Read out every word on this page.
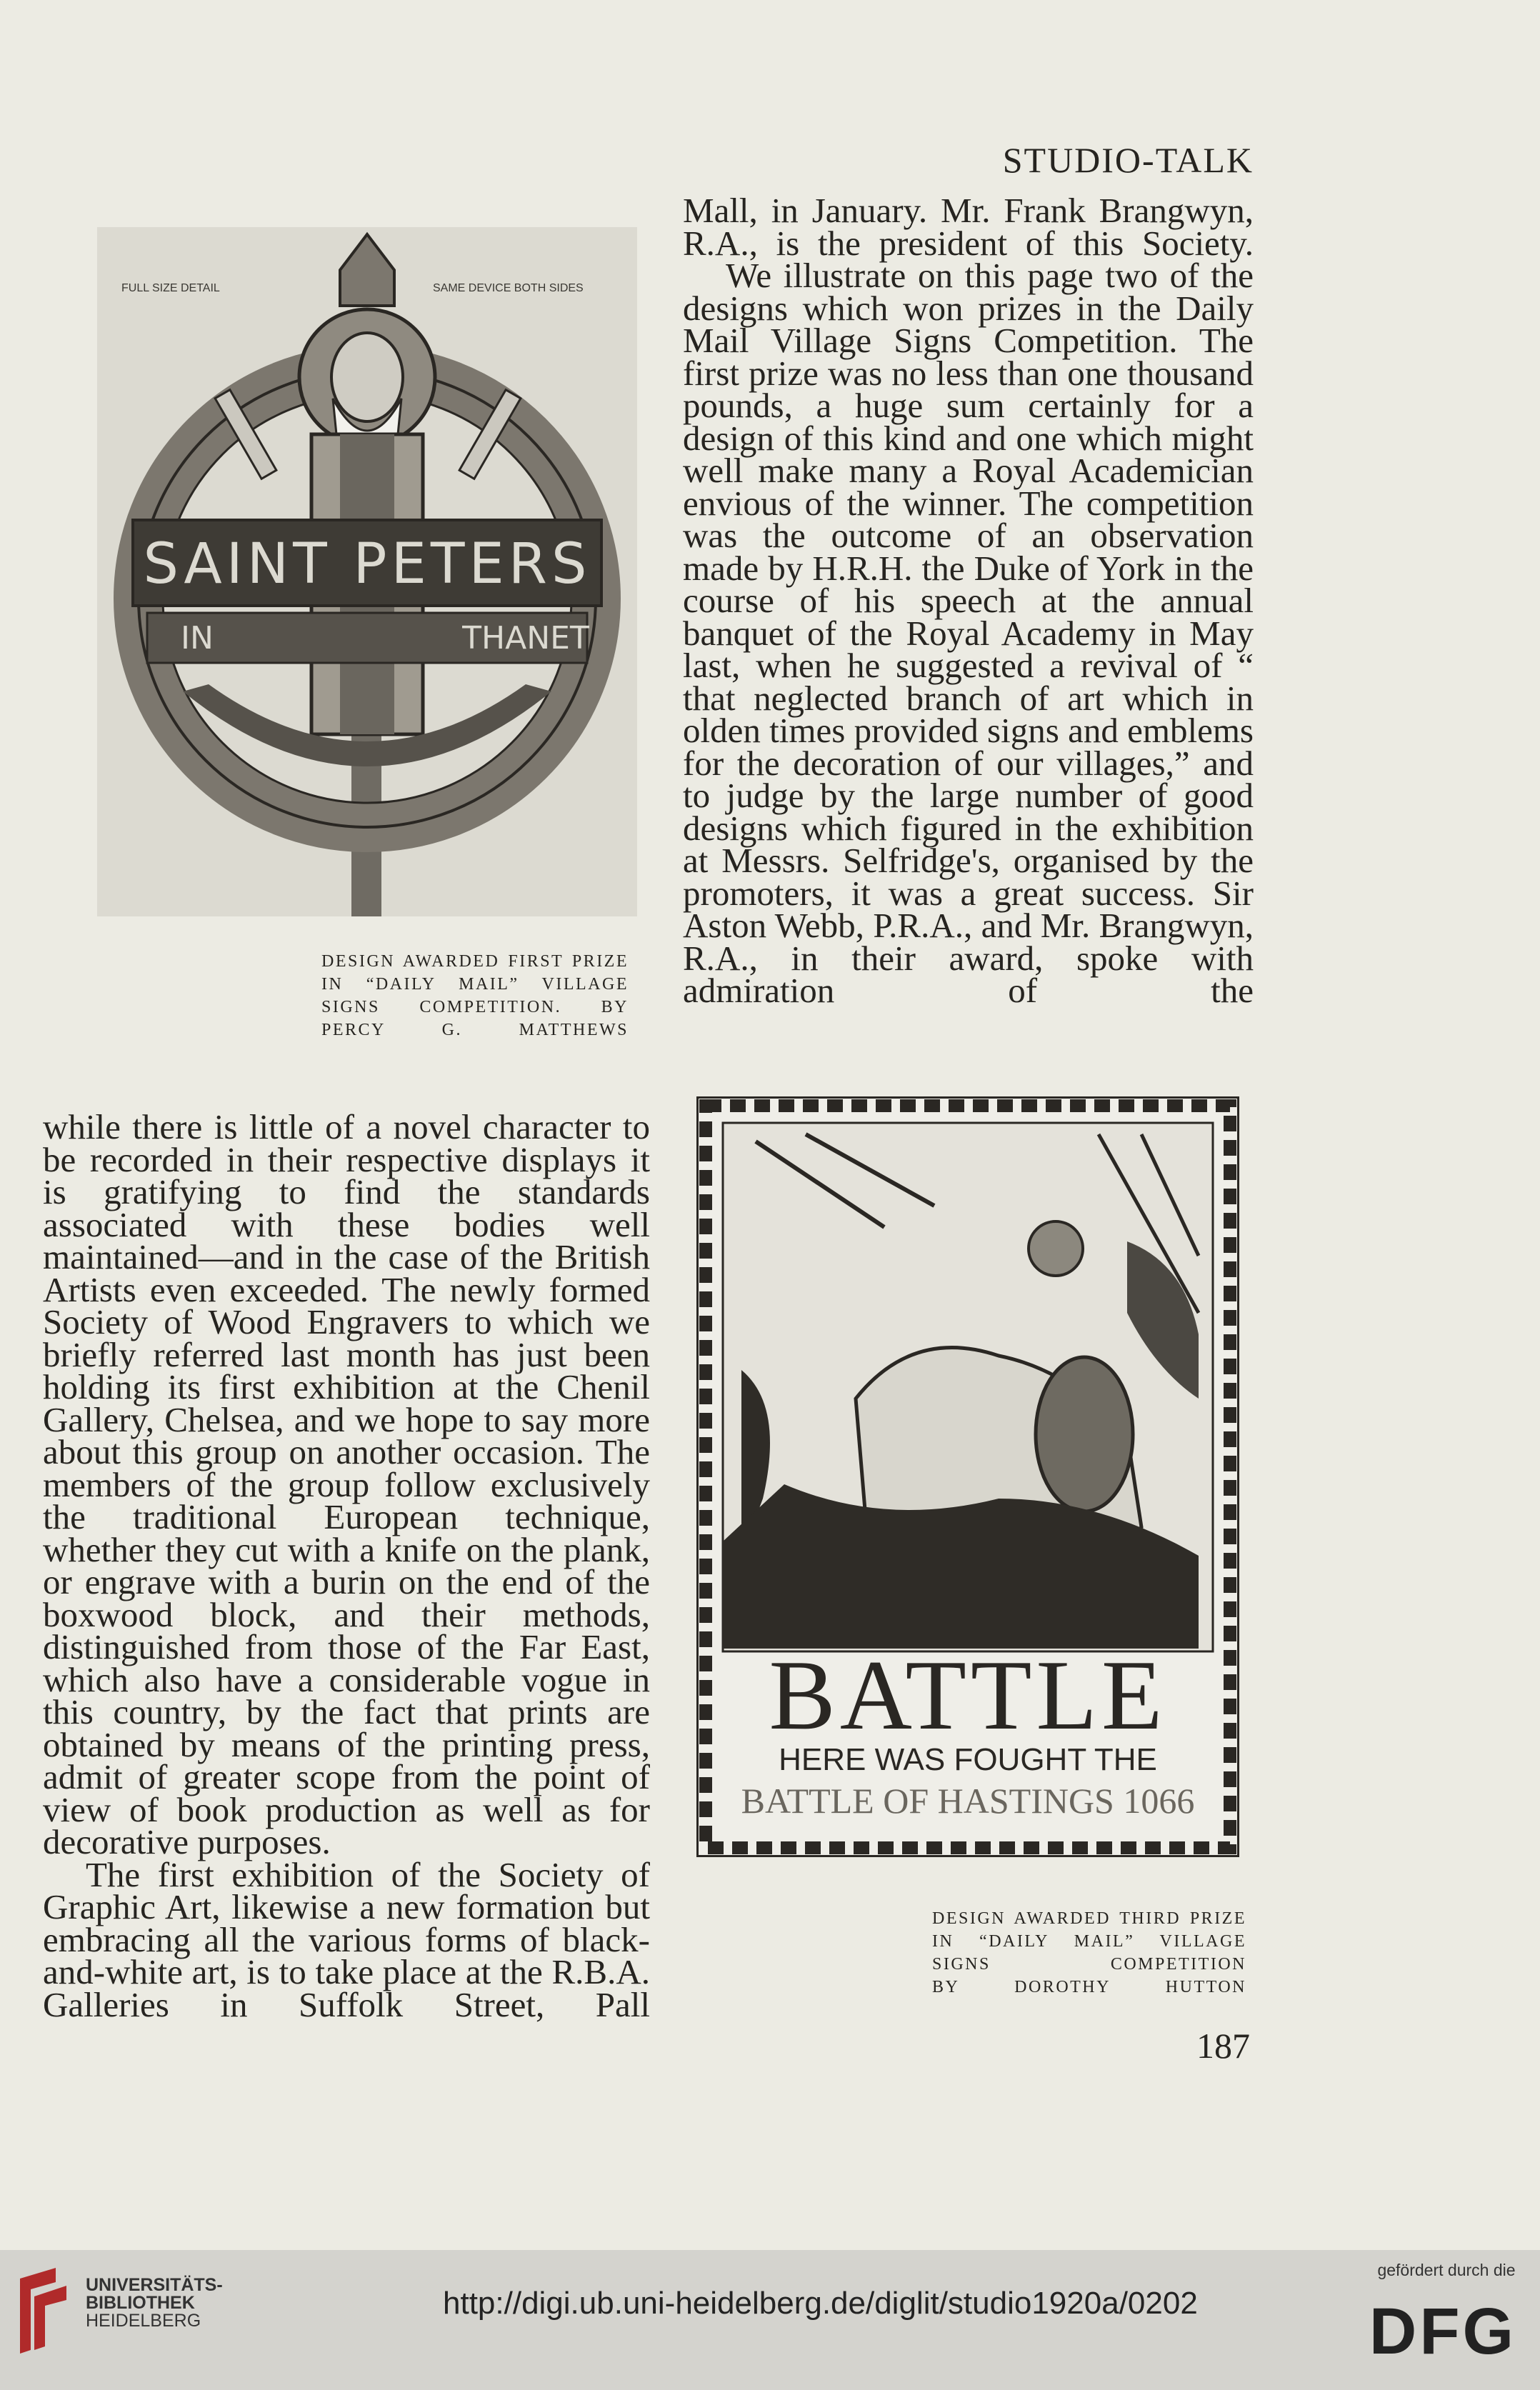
STUDIO-TALK

Mall, in January. Mr. Frank Brangwyn, R.A., is the president of this Society.

We illustrate on this page two of the designs which won prizes in the Daily Mail Village Signs Competition. The first prize was no less than one thousand pounds, a huge sum certainly for a design of this kind and one which might well make many a Royal Academician envious of the winner. The competition was the outcome of an observation made by H.R.H. the Duke of York in the course of his speech at the annual banquet of the Royal Academy in May last, when he suggested a revival of “ that neglected branch of art which in olden times provided signs and emblems for the decoration of our villages,” and to judge by the large number of good designs which figured in the exhibition at Messrs. Selfridge's, organised by the promoters, it was a great success. Sir Aston Webb, P.R.A., and Mr. Brangwyn, R.A., in their award, spoke with admiration of the

FULL SIZE DETAIL	SAME DEVICE BOTH SIDES
SAINT PETERS
IN	THANET
DESIGN AWARDED FIRST PRIZE
IN “DAILY MAIL” VILLAGE
SIGNS COMPETITION. BY
PERCY G. MATTHEWS

while there is little of a novel character to be recorded in their respective displays it is gratifying to find the standards associated with these bodies well maintained—and in the case of the British Artists even exceeded. The newly formed Society of Wood Engravers to which we briefly referred last month has just been holding its first exhibition at the Chenil Gallery, Chelsea, and we hope to say more about this group on another occasion. The members of the group follow exclusively the traditional European technique, whether they cut with a knife on the plank, or engrave with a burin on the end of the boxwood block, and their methods, distinguished from those of the Far East, which also have a considerable vogue in this country, by the fact that prints are obtained by means of the printing press, admit of greater scope from the point of view of book production as well as for decorative purposes.

The first exhibition of the Society of Graphic Art, likewise a new formation but embracing all the various forms of black-and-white art, is to take place at the R.B.A. Galleries in Suffolk Street, Pall

BATTLE
HERE WAS FOUGHT THE
BATTLE OF HASTINGS 1066
DESIGN AWARDED THIRD PRIZE
IN “DAILY MAIL” VILLAGE
SIGNS COMPETITION
BY DOROTHY HUTTON
187
UNIVERSITÄTS-
BIBLIOTHEK
HEIDELBERG	http://digi.ub.uni-heidelberg.de/diglit/studio1920a/0202
gefördert durch die
DFG
